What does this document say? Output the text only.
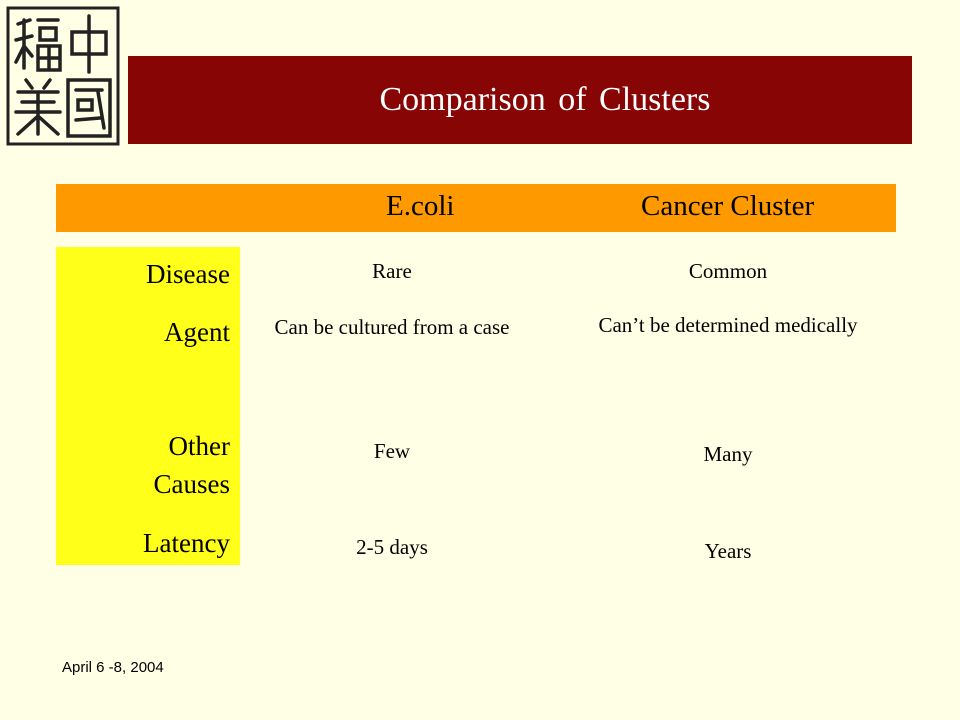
Comparison of Clusters
E.coli	Cancer Cluster
Disease
Agent
Other
Causes
Latency
Rare
Can be cultured from a case
Few
2-5 days
Common
Can’t be determined medically
Many
Years
April 6 -8, 2004
